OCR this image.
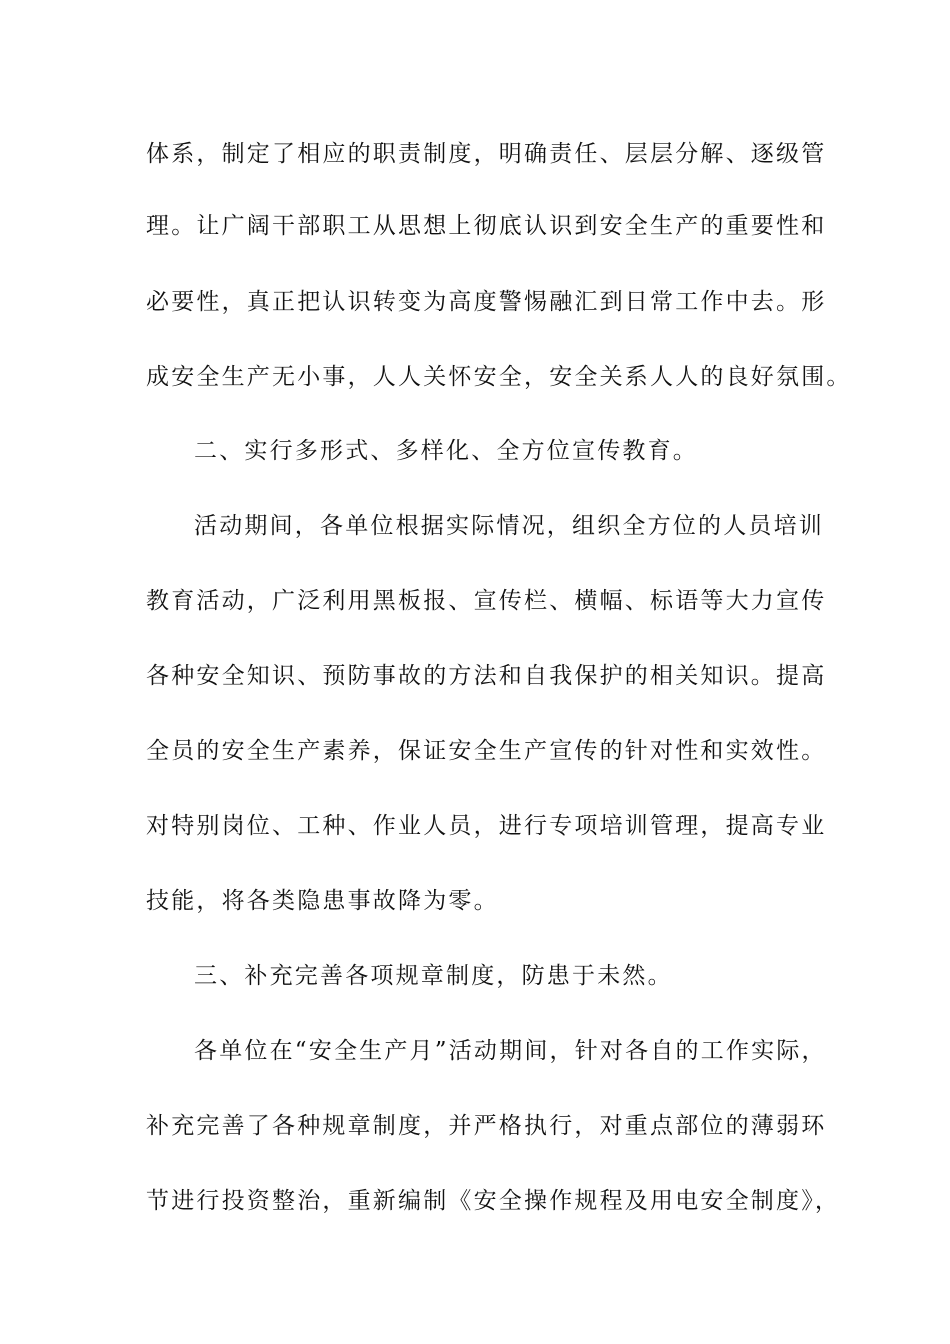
体系，制定了相应的职责制度，明确责任、层层分解、逐级管
理。让广阔干部职工从思想上彻底认识到安全生产的重要性和
必要性，真正把认识转变为高度警惕融汇到日常工作中去。形
成安全生产无小事，人人关怀安全，安全关系人人的良好氛围。
二、实行多形式、多样化、全方位宣传教育。
活动期间，各单位根据实际情况，组织全方位的人员培训
教育活动，广泛利用黑板报、宣传栏、横幅、标语等大力宣传
各种安全知识、预防事故的方法和自我保护的相关知识。提高
全员的安全生产素养，保证安全生产宣传的针对性和实效性。
对特别岗位、工种、作业人员，进行专项培训管理，提高专业
技能，将各类隐患事故降为零。
三、补充完善各项规章制度，防患于未然。
各单位在“安全生产月”活动期间，针对各自的工作实际，
补充完善了各种规章制度，并严格执行，对重点部位的薄弱环
节进行投资整治，重新编制《安全操作规程及用电安全制度》，
